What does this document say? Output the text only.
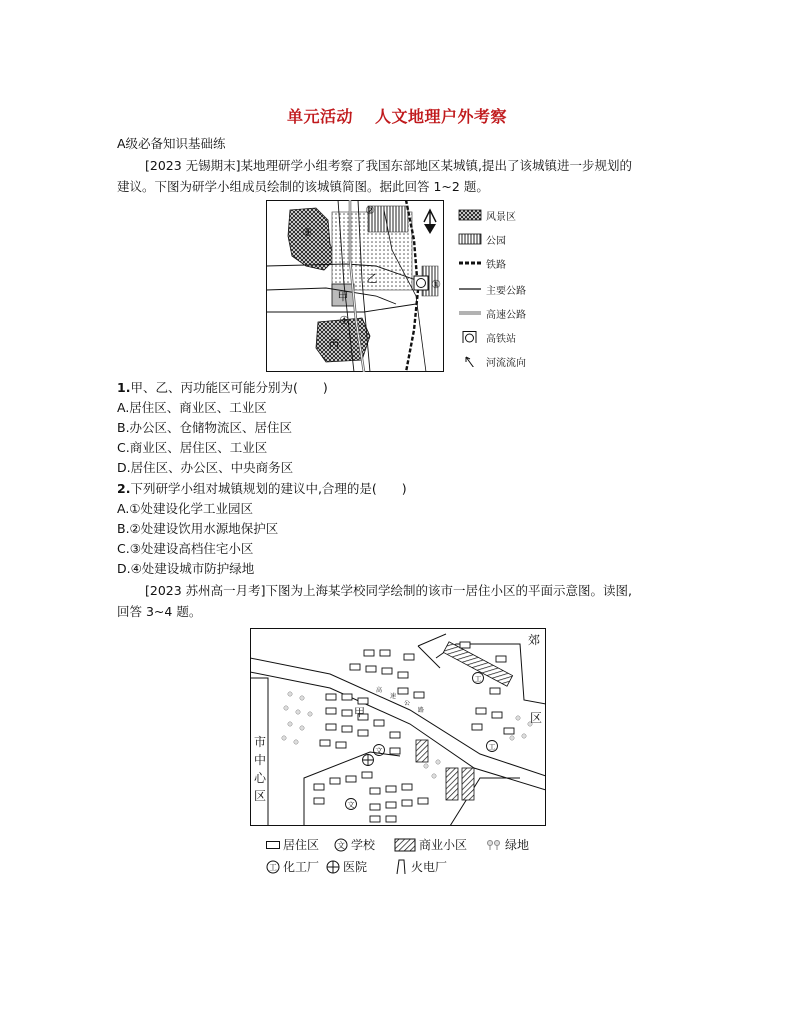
单元活动 人文地理户外考察
A级必备知识基础练
[2023 无锡期末]某地理研学小组考察了我国东部地区某城镇,提出了该城镇进一步规划的
建议。下图为研学小组成员绘制的该城镇简图。据此回答 1~2 题。
③
②
乙
甲
④
丙
①
风景区
公园
铁路
主要公路
高速公路
高铁站
河流流向
1.甲、乙、丙功能区可能分别为(　　)
A.居住区、商业区、工业区
B.办公区、仓储物流区、居住区
C.商业区、居住区、工业区
D.居住区、办公区、中央商务区
2.下列研学小组对城镇规划的建议中,合理的是(　　)
A.①处建设化学工业园区
B.②处建设饮用水源地保护区
C.③处建设高档住宅小区
D.④处建设城市防护绿地
[2023 苏州高一月考]下图为上海某学校同学绘制的该市一居住小区的平面示意图。读图,
回答 3~4 题。
文
文
工
工
甲
市
中
心
区
郊
区
高
速
公
路
居住区 文 学校	商业小区	绿地
工 化工厂 医院	火电厂
